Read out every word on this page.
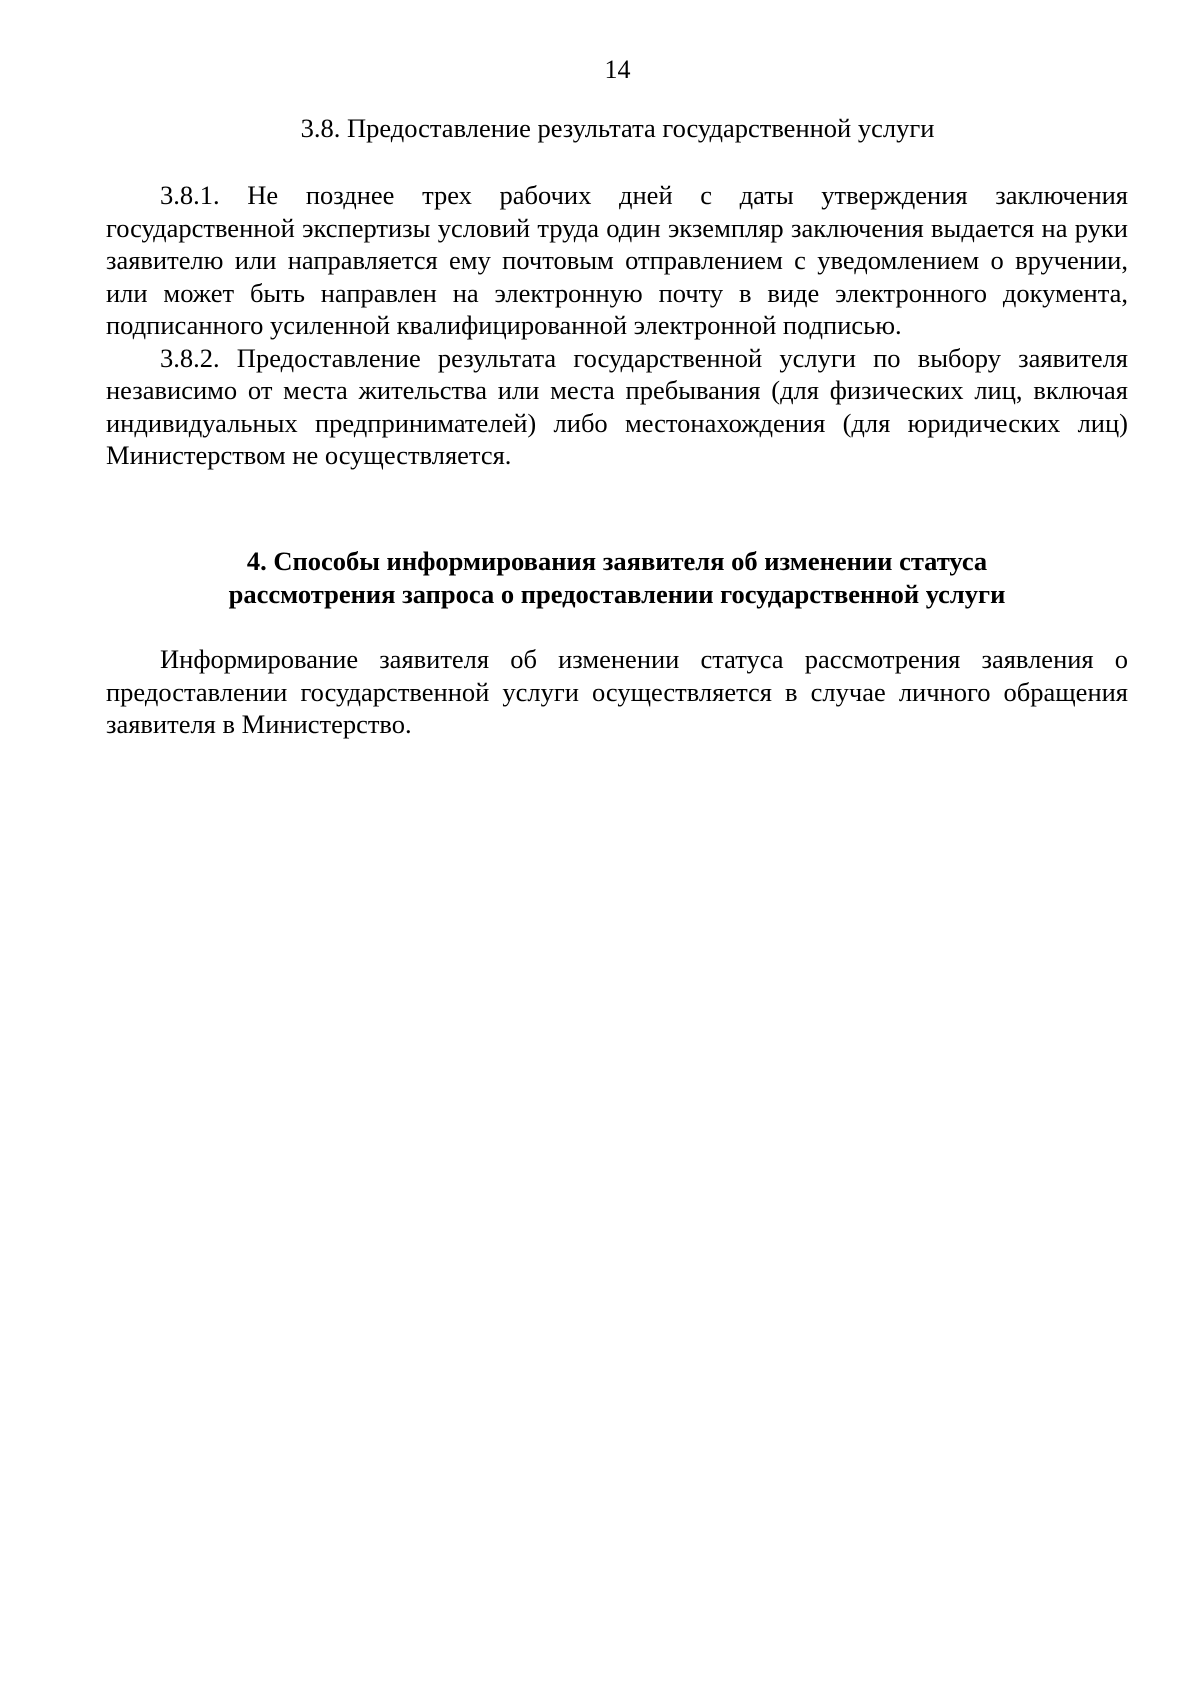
14
3.8. Предоставление результата государственной услуги

3.8.1. Не позднее трех рабочих дней с даты утверждения заключения государственной экспертизы условий труда один экземпляр заключения выдается на руки заявителю или направляется ему почтовым отправлением с уведомлением о вручении, или может быть направлен на электронную почту в виде электронного документа, подписанного усиленной квалифицированной электронной подписью.

3.8.2. Предоставление результата государственной услуги по выбору заявителя независимо от места жительства или места пребывания (для физических лиц, включая индивидуальных предпринимателей) либо местонахождения (для юридических лиц) Министерством не осуществляется.

4. Способы информирования заявителя об изменении статуса
рассмотрения запроса о предоставлении государственной услуги

Информирование заявителя об изменении статуса рассмотрения заявления о предоставлении государственной услуги осуществляется в случае личного обращения заявителя в Министерство.
